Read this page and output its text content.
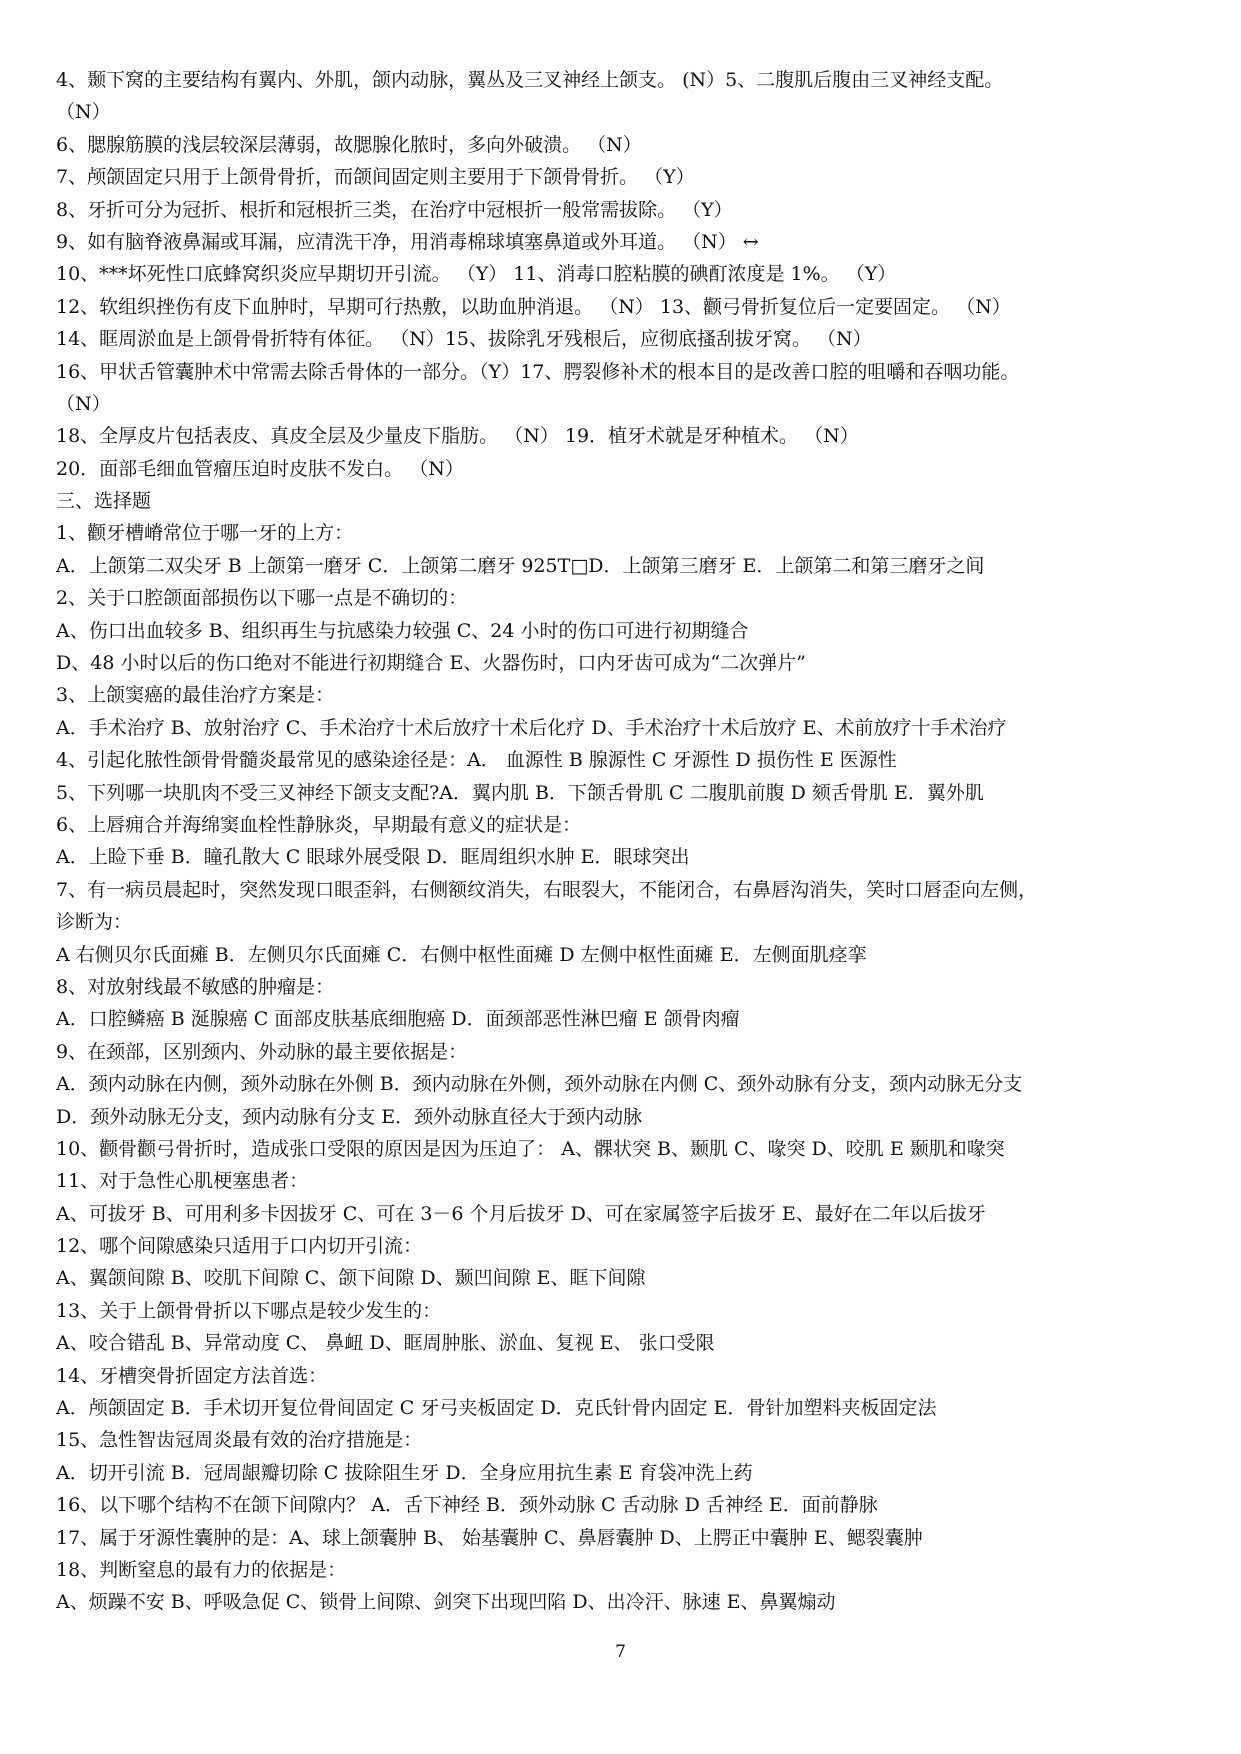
4、颞下窝的主要结构有翼内、外肌，颌内动脉，翼丛及三叉神经上颌支。 (N）5、二腹肌后腹由三叉神经支配。
（N）
6、腮腺筋膜的浅层较深层薄弱，故腮腺化脓时，多向外破溃。 （N）
7、颅颌固定只用于上颌骨骨折，而颌间固定则主要用于下颌骨骨折。 （Y）
8、牙折可分为冠折、根折和冠根折三类，在治疗中冠根折一般常需拔除。 （Y）
9、如有脑脊液鼻漏或耳漏，应清洗干净，用消毒棉球填塞鼻道或外耳道。 （N） ↔
10、***坏死性口底蜂窝织炎应早期切开引流。 （Y） 11、消毒口腔粘膜的碘酊浓度是 1%。 （Y）
12、软组织挫伤有皮下血肿时，早期可行热敷，以助血肿消退。 （N） 13、颧弓骨折复位后一定要固定。 （N）
14、眶周淤血是上颌骨骨折特有体征。 （N）15、拔除乳牙残根后，应彻底搔刮拔牙窝。 （N）
16、甲状舌管囊肿术中常需去除舌骨体的一部分。（Y）17、腭裂修补术的根本目的是改善口腔的咀嚼和吞咽功能。
（N）
18、全厚皮片包括表皮、真皮全层及少量皮下脂肪。 （N） 19．植牙术就是牙种植术。 （N）
20．面部毛细血管瘤压迫时皮肤不发白。 （N）
三、选择题
1、颧牙槽嵴常位于哪一牙的上方：
A．上颌第二双尖牙 B 上颌第一磨牙 C．上颌第二磨牙 925T□D．上颌第三磨牙 E．上颌第二和第三磨牙之间
2、关于口腔颌面部损伤以下哪一点是不确切的：
A、伤口出血较多 B、组织再生与抗感染力较强 C、24 小时的伤口可进行初期缝合
D、48 小时以后的伤口绝对不能进行初期缝合 E、火器伤时，口内牙齿可成为“二次弹片”
3、上颌窦癌的最佳治疗方案是：
A．手术治疗 B、放射治疗 C、手术治疗十术后放疗十术后化疗 D、手术治疗十术后放疗 E、术前放疗十手术治疗
4、引起化脓性颌骨骨髓炎最常见的感染途径是：A． 血源性 B 腺源性 C 牙源性 D 损伤性 E 医源性
5、下列哪一块肌肉不受三叉神经下颌支支配?A．翼内肌 B．下颌舌骨肌 C 二腹肌前腹 D 颏舌骨肌 E．翼外肌
6、上唇痈合并海绵窦血栓性静脉炎，早期最有意义的症状是：
A．上睑下垂 B．瞳孔散大 C 眼球外展受限 D．眶周组织水肿 E．眼球突出
7、有一病员晨起时，突然发现口眼歪斜，右侧额纹消失，右眼裂大，不能闭合，右鼻唇沟消失，笑时口唇歪向左侧，
诊断为：
A 右侧贝尔氏面瘫 B．左侧贝尔氏面瘫 C．右侧中枢性面瘫 D 左侧中枢性面瘫 E．左侧面肌痉挛
8、对放射线最不敏感的肿瘤是：
A．口腔鳞癌 B 涎腺癌 C 面部皮肤基底细胞癌 D．面颈部恶性淋巴瘤 E 颌骨肉瘤
9、在颈部，区别颈内、外动脉的最主要依据是：
A．颈内动脉在内侧，颈外动脉在外侧 B．颈内动脉在外侧，颈外动脉在内侧 C、颈外动脉有分支，颈内动脉无分支
D．颈外动脉无分支，颈内动脉有分支 E．颈外动脉直径大于颈内动脉
10、颧骨颧弓骨折时，造成张口受限的原因是因为压迫了： A、髁状突 B、颞肌 C、喙突 D、咬肌 E 颞肌和喙突
11、对于急性心肌梗塞患者：
A、可拔牙 B、可用利多卡因拔牙 C、可在 3－6 个月后拔牙 D、可在家属签字后拔牙 E、最好在二年以后拔牙
12、哪个间隙感染只适用于口内切开引流：
A、翼颌间隙 B、咬肌下间隙 C、颌下间隙 D、颞凹间隙 E、眶下间隙
13、关于上颌骨骨折以下哪点是较少发生的：
A、咬合错乱 B、异常动度 C、 鼻衄 D、眶周肿胀、淤血、复视 E、 张口受限
14、牙槽突骨折固定方法首选：
A．颅颌固定 B．手术切开复位骨间固定 C 牙弓夹板固定 D．克氏针骨内固定 E．骨针加塑料夹板固定法
15、急性智齿冠周炎最有效的治疗措施是：
A．切开引流 B．冠周龈瓣切除 C 拔除阻生牙 D．全身应用抗生素 E 育袋冲洗上药
16、以下哪个结构不在颌下间隙内？ A．舌下神经 B．颈外动脉 C 舌动脉 D 舌神经 E．面前静脉
17、属于牙源性囊肿的是：A、球上颌囊肿 B、 始基囊肿 C、鼻唇囊肿 D、上腭正中囊肿 E、鳃裂囊肿
18、判断窒息的最有力的依据是：
A、烦躁不安 B、呼吸急促 C、锁骨上间隙、剑突下出现凹陷 D、出冷汗、脉速 E、鼻翼煽动
7
